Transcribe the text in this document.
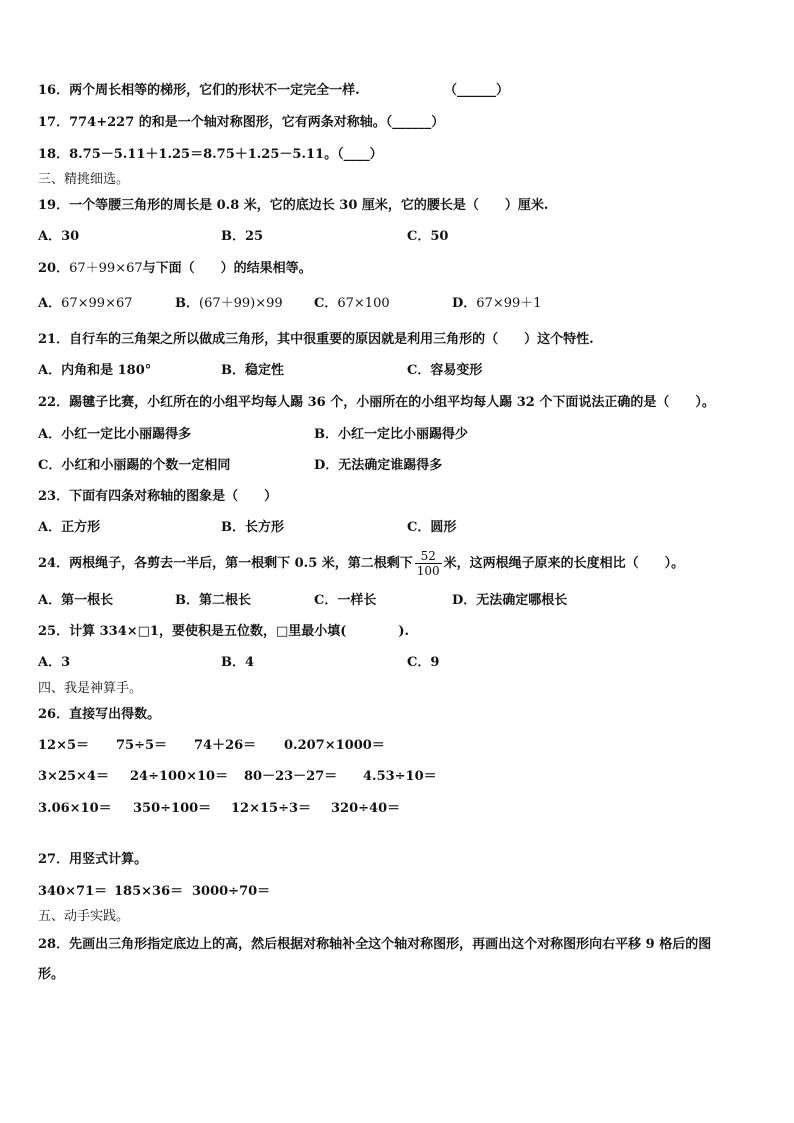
16．两个周长相等的梯形，它们的形状不一定完全一样.	（______）
17．774+227 的和是一个轴对称图形，它有两条对称轴。（______）
18．8.75－5.11＋1.25＝8.75＋1.25－5.11。（____）
三、精挑细选。
19．一个等腰三角形的周长是 0.8 米，它的底边长 30 厘米，它的腰长是（　　）厘米.
A．30	B．25	C．50
20．67＋99×67与下面（　　）的结果相等。
A．67×99×67	B．(67＋99)×99 C．67×100	D．67×99＋1
21．自行车的三角架之所以做成三角形，其中很重要的原因就是利用三角形的（　　）这个特性.
A．内角和是 180°	B．稳定性	C．容易变形
22．踢毽子比赛，小红所在的小组平均每人踢 36 个，小丽所在的小组平均每人踢 32 个下面说法正确的是（　　）。
A．小红一定比小丽踢得多	B．小红一定比小丽踢得少
C．小红和小丽踢的个数一定相同	D．无法确定谁踢得多
23．下面有四条对称轴的图象是（　　）
A．正方形	B．长方形	C．圆形
24．两根绳子，各剪去一半后，第一根剩下 0.5 米，第二根剩下 $\frac{52}{100}$ 米，这两根绳子原来的长度相比（　　）。
A．第一根长	B．第二根长	C．一样长	D．无法确定哪根长
25．计算 334×□1，要使积是五位数，□里最小填(　　　　).
A．3	B．4	C．9
四、我是神算手。
26．直接写出得数。
12×5＝ 75÷5＝ 74＋26＝ 0.207×1000＝
3×25×4＝ 24÷100×10＝ 80－23－27＝ 4.53÷10＝
3.06×10＝ 350÷100＝ 12×15÷3＝ 320÷40＝
27．用竖式计算。
340×71＝ 185×36＝ 3000÷70＝
五、动手实践。
28．先画出三角形指定底边上的高，然后根据对称轴补全这个轴对称图形，再画出这个对称图形向右平移 9 格后的图
形。
